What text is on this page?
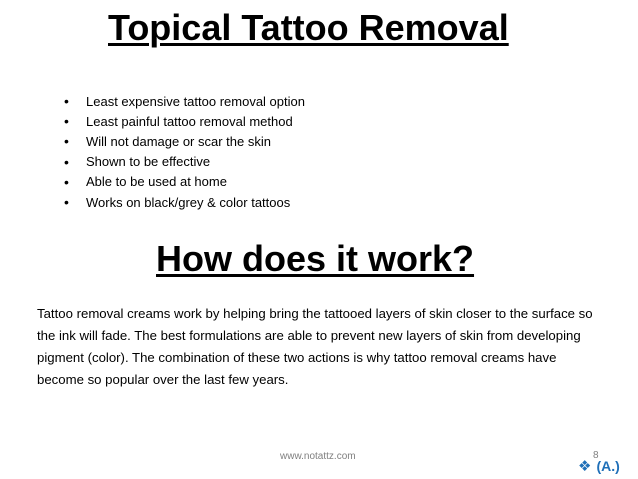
Topical Tattoo Removal
•	Least expensive tattoo removal option
•	Least painful tattoo removal method
•	Will not damage or scar the skin
•	Shown to be effective
•	Able to be used at home
•	Works on black/grey & color tattoos
How does it work?

Tattoo removal creams work by helping bring the tattooed layers of skin closer to the surface so the ink will fade. The best formulations are able to prevent new layers of skin from developing pigment (color). The combination of these two actions is why tattoo removal creams have become so popular over the last few years.

www.notattz.com	8
❖ (A.)
